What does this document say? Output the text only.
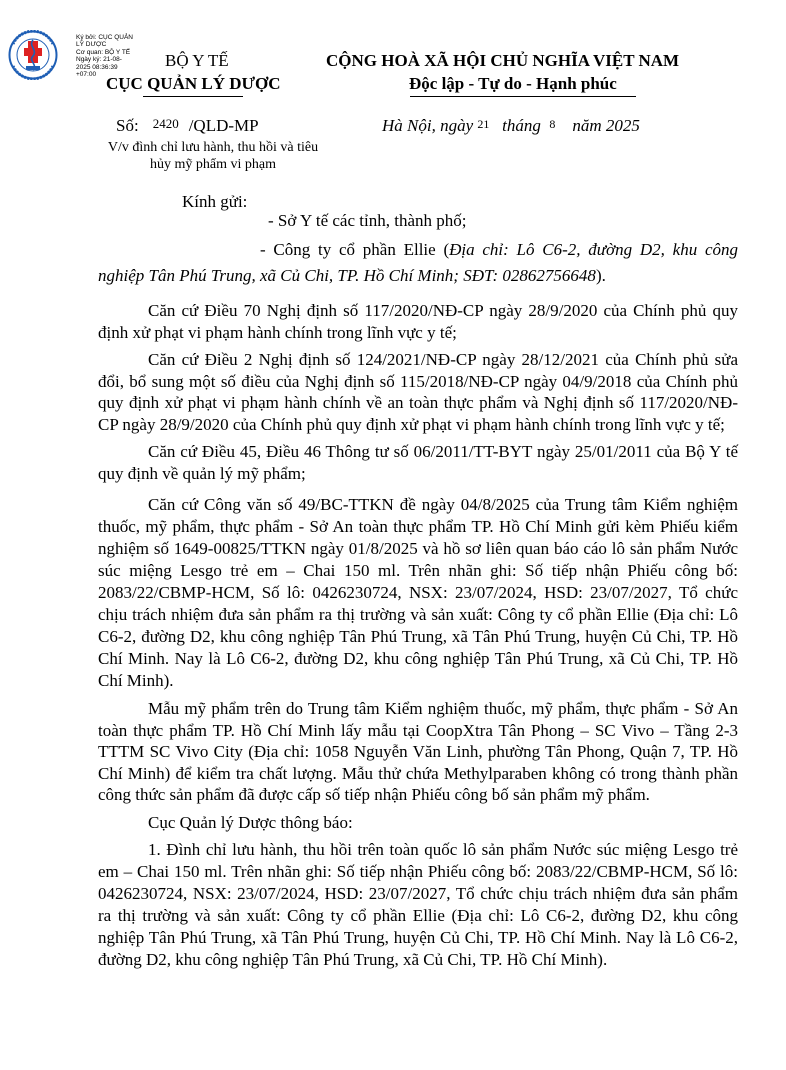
Ký bởi: CỤC QUẢN
LÝ DƯỢC
Cơ quan: BỘ Y TẾ
Ngày ký: 21-08-
2025 08:36:39
+07:00
BỘ Y TẾ
CỤC QUẢN LÝ DƯỢC
CỘNG HOÀ XÃ HỘI CHỦ NGHĨA VIỆT NAM
Độc lập - Tự do - Hạnh phúc
Số: 2420 /QLD-MP	Hà Nội, ngày 21 tháng 8 năm 2025
V/v đình chỉ lưu hành, thu hồi và tiêu hủy mỹ phẩm vi phạm
Kính gửi:
- Sở Y tế các tỉnh, thành phố;
- Công ty cổ phần Ellie (Địa chỉ: Lô C6-2, đường D2, khu công nghiệp Tân Phú Trung, xã Củ Chi, TP. Hồ Chí Minh; SĐT: 02862756648).

Căn cứ Điều 70 Nghị định số 117/2020/NĐ-CP ngày 28/9/2020 của Chính phủ quy định xử phạt vi phạm hành chính trong lĩnh vực y tế;

Căn cứ Điều 2 Nghị định số 124/2021/NĐ-CP ngày 28/12/2021 của Chính phủ sửa đổi, bổ sung một số điều của Nghị định số 115/2018/NĐ-CP ngày 04/9/2018 của Chính phủ quy định xử phạt vi phạm hành chính về an toàn thực phẩm và Nghị định số 117/2020/NĐ-CP ngày 28/9/2020 của Chính phủ quy định xử phạt vi phạm hành chính trong lĩnh vực y tế;

Căn cứ Điều 45, Điều 46 Thông tư số 06/2011/TT-BYT ngày 25/01/2011 của Bộ Y tế quy định về quản lý mỹ phẩm;

Căn cứ Công văn số 49/BC-TTKN đề ngày 04/8/2025 của Trung tâm Kiểm nghiệm thuốc, mỹ phẩm, thực phẩm - Sở An toàn thực phẩm TP. Hồ Chí Minh gửi kèm Phiếu kiểm nghiệm số 1649-00825/TTKN ngày 01/8/2025 và hồ sơ liên quan báo cáo lô sản phẩm Nước súc miệng Lesgo trẻ em – Chai 150 ml. Trên nhãn ghi: Số tiếp nhận Phiếu công bố: 2083/22/CBMP-HCM, Số lô: 0426230724, NSX: 23/07/2024, HSD: 23/07/2027, Tổ chức chịu trách nhiệm đưa sản phẩm ra thị trường và sản xuất: Công ty cổ phần Ellie (Địa chỉ: Lô C6-2, đường D2, khu công nghiệp Tân Phú Trung, xã Tân Phú Trung, huyện Củ Chi, TP. Hồ Chí Minh. Nay là Lô C6-2, đường D2, khu công nghiệp Tân Phú Trung, xã Củ Chi, TP. Hồ Chí Minh).

Mẫu mỹ phẩm trên do Trung tâm Kiểm nghiệm thuốc, mỹ phẩm, thực phẩm - Sở An toàn thực phẩm TP. Hồ Chí Minh lấy mẫu tại CoopXtra Tân Phong – SC Vivo – Tầng 2-3 TTTM SC Vivo City (Địa chỉ: 1058 Nguyễn Văn Linh, phường Tân Phong, Quận 7, TP. Hồ Chí Minh) để kiểm tra chất lượng. Mẫu thử chứa Methylparaben không có trong thành phần công thức sản phẩm đã được cấp số tiếp nhận Phiếu công bố sản phẩm mỹ phẩm.

Cục Quản lý Dược thông báo:

1. Đình chỉ lưu hành, thu hồi trên toàn quốc lô sản phẩm Nước súc miệng Lesgo trẻ em – Chai 150 ml. Trên nhãn ghi: Số tiếp nhận Phiếu công bố: 2083/22/CBMP-HCM, Số lô: 0426230724, NSX: 23/07/2024, HSD: 23/07/2027, Tổ chức chịu trách nhiệm đưa sản phẩm ra thị trường và sản xuất: Công ty cổ phần Ellie (Địa chỉ: Lô C6-2, đường D2, khu công nghiệp Tân Phú Trung, xã Tân Phú Trung, huyện Củ Chi, TP. Hồ Chí Minh. Nay là Lô C6-2, đường D2, khu công nghiệp Tân Phú Trung, xã Củ Chi, TP. Hồ Chí Minh).
